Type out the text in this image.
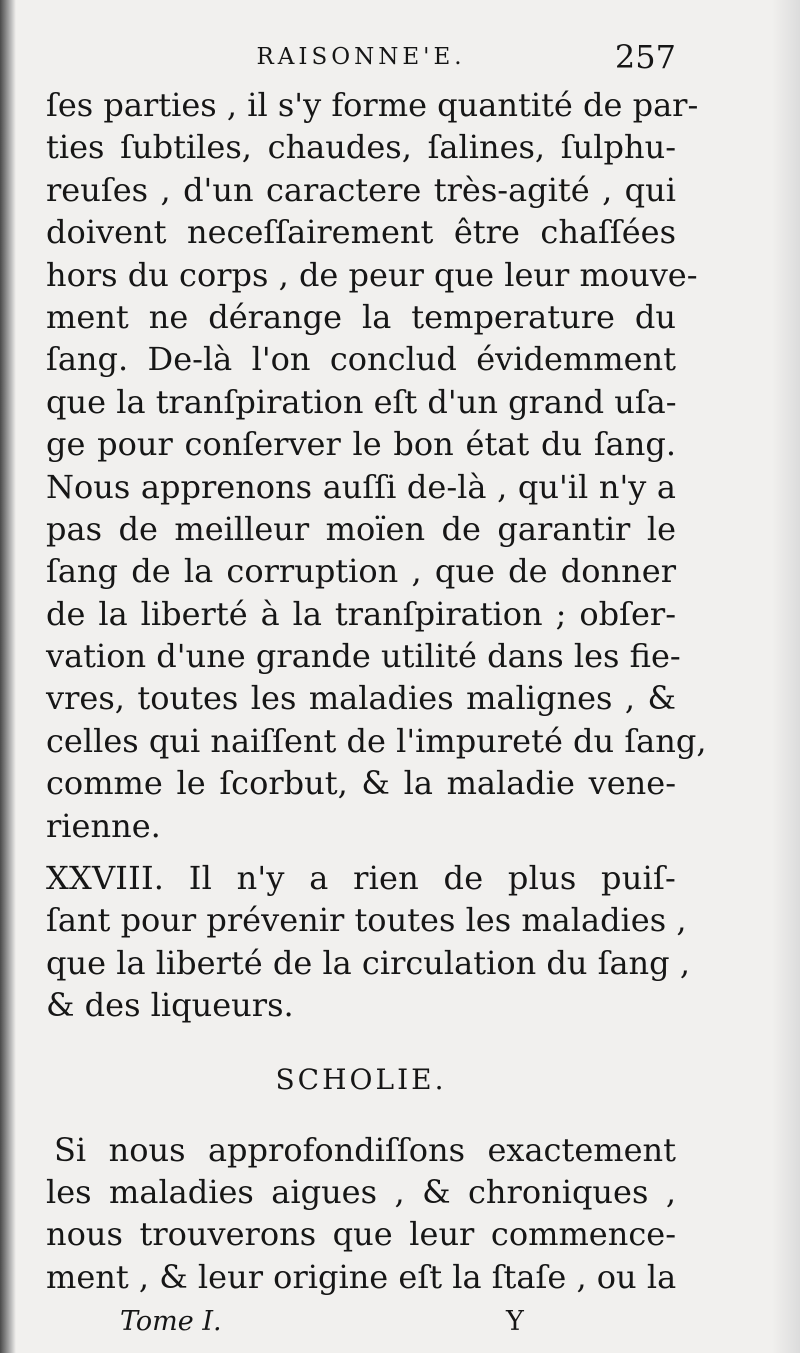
RAISONNE'E.	257
ſes parties , il s'y forme quantité de par-
ties ſubtiles, chaudes, ſalines, ſulphu-
reuſes , d'un caractere très-agité , qui
doivent neceſſairement être chaſſées
hors du corps , de peur que leur mouve-
ment ne dérange la temperature du
ſang. De-là l'on conclud évidemment
que la tranſpiration eſt d'un grand uſa-
ge pour conſerver le bon état du ſang.
Nous apprenons auſſi de-là , qu'il n'y a
pas de meilleur moïen de garantir le
ſang de la corruption , que de donner
de la liberté à la tranſpiration ; obſer-
vation d'une grande utilité dans les fie-
vres, toutes les maladies malignes , &
celles qui naiſſent de l'impureté du ſang,
comme le ſcorbut, & la maladie vene-
rienne.
XXVIII. Il n'y a rien de plus puiſ-
ſant pour prévenir toutes les maladies ,
que la liberté de la circulation du ſang ,
& des liqueurs.
SCHOLIE.
Si nous approfondiſſons exactement
les maladies aigues , & chroniques ,
nous trouverons que leur commence-
ment , & leur origine eſt la ſtaſe , ou la
Tome I.	Y
